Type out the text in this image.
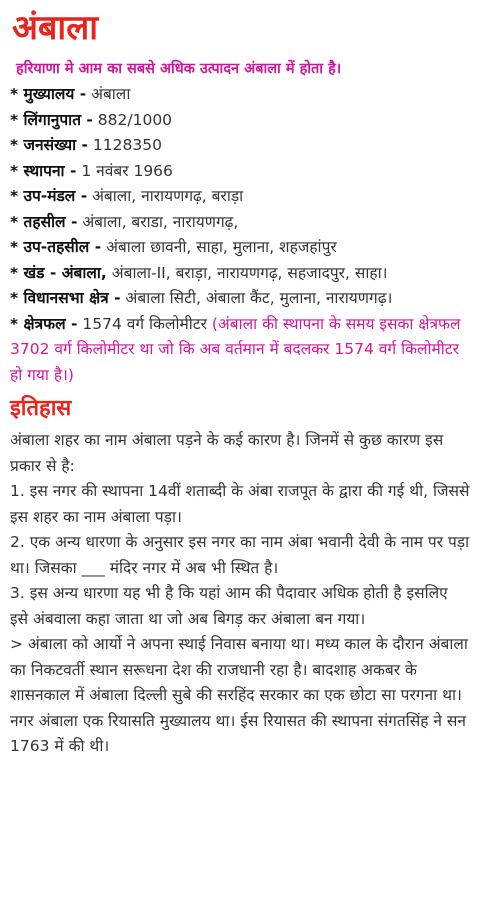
अंबाला
हरियाणा मे आम का सबसे अधिक उत्पादन अंबाला में होता है।
* मुख्यालय - अंबाला
* लिंगानुपात - 882/1000
* जनसंख्या - 1128350
* स्थापना - 1 नवंबर 1966
* उप-मंडल - अंबाला, नारायणगढ़, बराड़ा
* तहसील - अंबाला, बराडा, नारायणगढ़,
* उप-तहसील - अंबाला छावनी, साहा, मुलाना, शहजहांपुर
* खंड - अंबाला, अंबाला-II, बराड़ा, नारायणगढ़, सहजादपुर, साहा।
* विधानसभा क्षेत्र - अंबाला सिटी, अंबाला कैंट, मुलाना, नारायणगढ़।
* क्षेत्रफल - 1574 वर्ग किलोमीटर (अंबाला की स्थापना के समय इसका क्षेत्रफल 3702 वर्ग किलोमीटर था जो कि अब वर्तमान में बदलकर 1574 वर्ग किलोमीटर हो गया है।)
इतिहास
अंबाला शहर का नाम अंबाला पड़ने के कई कारण है। जिनमें से कुछ कारण इस प्रकार से है:
1. इस नगर की स्थापना 14वीं शताब्दी के अंबा राजपूत के द्वारा की गई थी, जिससे इस शहर का नाम अंबाला पड़ा।
2. एक अन्य धारणा के अनुसार इस नगर का नाम अंबा भवानी देवी के नाम पर पड़ा था। जिसका ___ मंदिर नगर में अब भी स्थित है।
3. इस अन्य धारणा यह भी है कि यहां आम की पैदावार अधिक होती है इसलिए इसे अंबवाला कहा जाता था जो अब बिगड़ कर अंबाला बन गया।
> अंबाला को आर्यो ने अपना स्थाई निवास बनाया था। मध्य काल के दौरान अंबाला का निकटवर्ती स्थान सरूधना देश की राजधानी रहा है। बादशाह अकबर के शासनकाल में अंबाला दिल्ली सुबे की सरहिंद सरकार का एक छोटा सा परगना था। नगर अंबाला एक रियासति मुख्यालय था। ईस रियासत की स्थापना संगतसिंह ने सन 1763 में की थी।
